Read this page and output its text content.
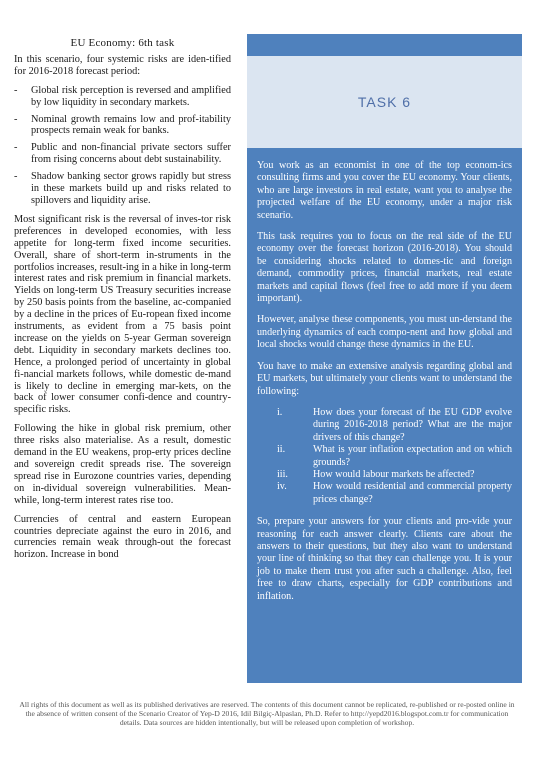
EU Economy: 6th task

In this scenario, four systemic risks are iden-tified for 2016-2018 forecast period:

- Global risk perception is reversed and amplified by low liquidity in secondary markets.
- Nominal growth remains low and prof-itability prospects remain weak for banks.
- Public and non-financial private sectors suffer from rising concerns about debt sustainability.
- Shadow banking sector grows rapidly but stress in these markets build up and risks related to spillovers and liquidity arise.

Most significant risk is the reversal of inves-tor risk preferences in developed economies, with less appetite for long-term fixed income securities. Overall, share of short-term in-struments in the portfolios increases, result-ing in a hike in long-term interest rates and risk premium in financial markets. Yields on long-term US Treasury securities increase by 250 basis points from the baseline, ac-companied by a decline in the prices of Eu-ropean fixed income instruments, as evident from a 75 basis point increase on the yields on 5-year German sovereign debt. Liquidity in secondary markets declines too. Hence, a prolonged period of uncertainty in global fi-nancial markets follows, while domestic de-mand is likely to decline in emerging mar-kets, on the back of lower consumer confi-dence and country-specific risks.

Following the hike in global risk premium, other three risks also materialise. As a result, domestic demand in the EU weakens, prop-erty prices decline and sovereign credit spreads rise. The sovereign spread rise in Eurozone countries varies, depending on in-dividual sovereign vulnerabilities. Mean-while, long-term interest rates rise too.

Currencies of central and eastern European countries depreciate against the euro in 2016, and currencies remain weak through-out the forecast horizon. Increase in bond

TASK 6

You work as an economist in one of the top econom-ics consulting firms and you cover the EU economy. Your clients, who are large investors in real estate, want you to analyse the projected welfare of the EU economy, under a major risk scenario.

This task requires you to focus on the real side of the EU economy over the forecast horizon (2016-2018). You should be considering shocks related to domes-tic and foreign demand, commodity prices, financial markets, real estate markets and capital flows (feel free to add more if you deem important).

However, analyse these components, you must un-derstand the underlying dynamics of each compo-nent and how global and local shocks would change these dynamics in the EU.

You have to make an extensive analysis regarding global and EU markets, but ultimately your clients want to understand the following:

i.	How does your forecast of the EU GDP evolve during 2016-2018 period? What are the major drivers of this change?
ii.	What is your inflation expectation and on which grounds?
iii. How would labour markets be affected?
iv.	How would residential and commercial property prices change?

So, prepare your answers for your clients and pro-vide your reasoning for each answer clearly. Clients care about the answers to their questions, but they also want to understand your line of thinking so that they can challenge you. It is your job to make them trust you after such a challenge. Also, feel free to draw charts, especially for GDP contributions and inflation.

All rights of this document as well as its published derivatives are reserved. The contents of this document cannot be replicated, re-published or re-posted online in the absence of written consent of the Scenario Creator of Yep-D 2016, Idil Bilgiç-Alpaslan, Ph.D. Refer to http://yepd2016.blogspot.com.tr for communication details. Data sources are hidden intentionally, but will be released upon completion of workshop.
